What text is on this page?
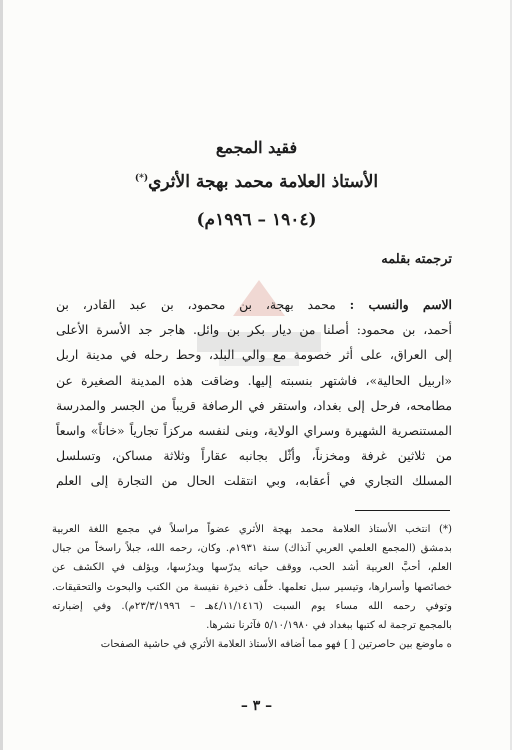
فقيد المجمع
الأستاذ العلامة محمد بهجة الأثري(*)
(١٩٠٤ – ١٩٩٦م)
ترجمته بقلمه
الاسم والنسب : محمد بهجة، بن محمود، بن عبد القادر، بن
أحمد، بن محمود: أصلنا من ديار بكر بن وائل. هاجر جد الأسرة الأعلى
إلى العراق، على أثر خصومة مع والي البلد، وحط رحله في مدينة اربل
«اربيل الحالية»، فاشتهر بنسبته إليها. وضاقت هذه المدينة الصغيرة عن
مطامحه، فرحل إلى بغداد، واستقر في الرصافة قريباً من الجسر والمدرسة
المستنصرية الشهيرة وسراي الولاية، وبنى لنفسه مركزاً تجارياً «خاناً» واسعاً
من ثلاثين غرفة ومخزناً، وأثّل بجانبه عقاراً وثلاثة مساكن، وتسلسل
المسلك التجاري في أعقابه، وبي انتقلت الحال من التجارة إلى العلم
(*) انتخب الأستاذ العلامة محمد بهجة الأثري عضواً مراسلاً في مجمع اللغة العربية
بدمشق (المجمع العلمي العربي آنذاك) سنة ١٩٣١م. وكان، رحمه الله، جبلاً راسخاً من جبال
العلم، أحبَّ العربية أشد الحب، ووقف حياته يدرّسها ويدرُسها، ويؤلف في الكشف عن
خصائصها وأسرارها، وتيسير سبل تعلمها. خلّف ذخيرة نفيسة من الكتب والبحوث والتحقيقات.
وتوفي رحمه الله مساء يوم السبت (٤/١١/١٤١٦هـ – ٢٣/٣/١٩٩٦م). وفي إضبارته
بالمجمع ترجمة له كتبها ببغداد في ٥/١٠/١٩٨٠ فآثرنا نشرها.
ه ماوضع بين حاصرتين [ ] فهو مما أضافه الأستاذ العلامة الأثري في حاشية الصفحات
– ٣ –
